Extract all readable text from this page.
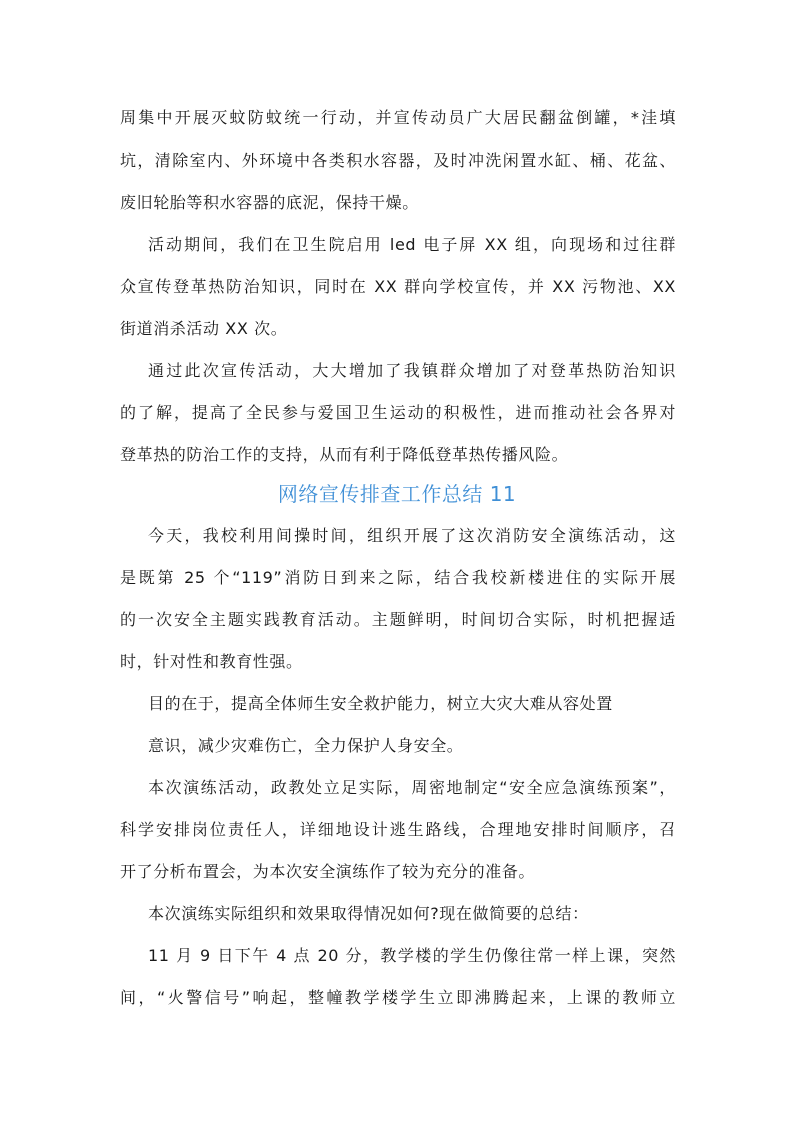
周集中开展灭蚊防蚊统一行动，并宣传动员广大居民翻盆倒罐，*洼填
坑，清除室内、外环境中各类积水容器，及时冲洗闲置水缸、桶、花盆、
废旧轮胎等积水容器的底泥，保持干燥。
活动期间，我们在卫生院启用 led 电子屏 XX 组，向现场和过往群
众宣传登革热防治知识，同时在 XX 群向学校宣传，并 XX 污物池、XX
街道消杀活动 XX 次。
通过此次宣传活动，大大增加了我镇群众增加了对登革热防治知识
的了解，提高了全民参与爱国卫生运动的积极性，进而推动社会各界对
登革热的防治工作的支持，从而有利于降低登革热传播风险。
网络宣传排查工作总结 11
今天，我校利用间操时间，组织开展了这次消防安全演练活动，这
是既第 25 个“119”消防日到来之际，结合我校新楼进住的实际开展
的一次安全主题实践教育活动。主题鲜明，时间切合实际，时机把握适
时，针对性和教育性强。
目的在于，提高全体师生安全救护能力，树立大灾大难从容处置
意识，减少灾难伤亡，全力保护人身安全。
本次演练活动，政教处立足实际，周密地制定“安全应急演练预案”，
科学安排岗位责任人，详细地设计逃生路线，合理地安排时间顺序，召
开了分析布置会，为本次安全演练作了较为充分的准备。
本次演练实际组织和效果取得情况如何?现在做简要的总结：
11 月 9 日下午 4 点 20 分，教学楼的学生仍像往常一样上课，突然
间，“火警信号”响起，整幢教学楼学生立即沸腾起来，上课的教师立
